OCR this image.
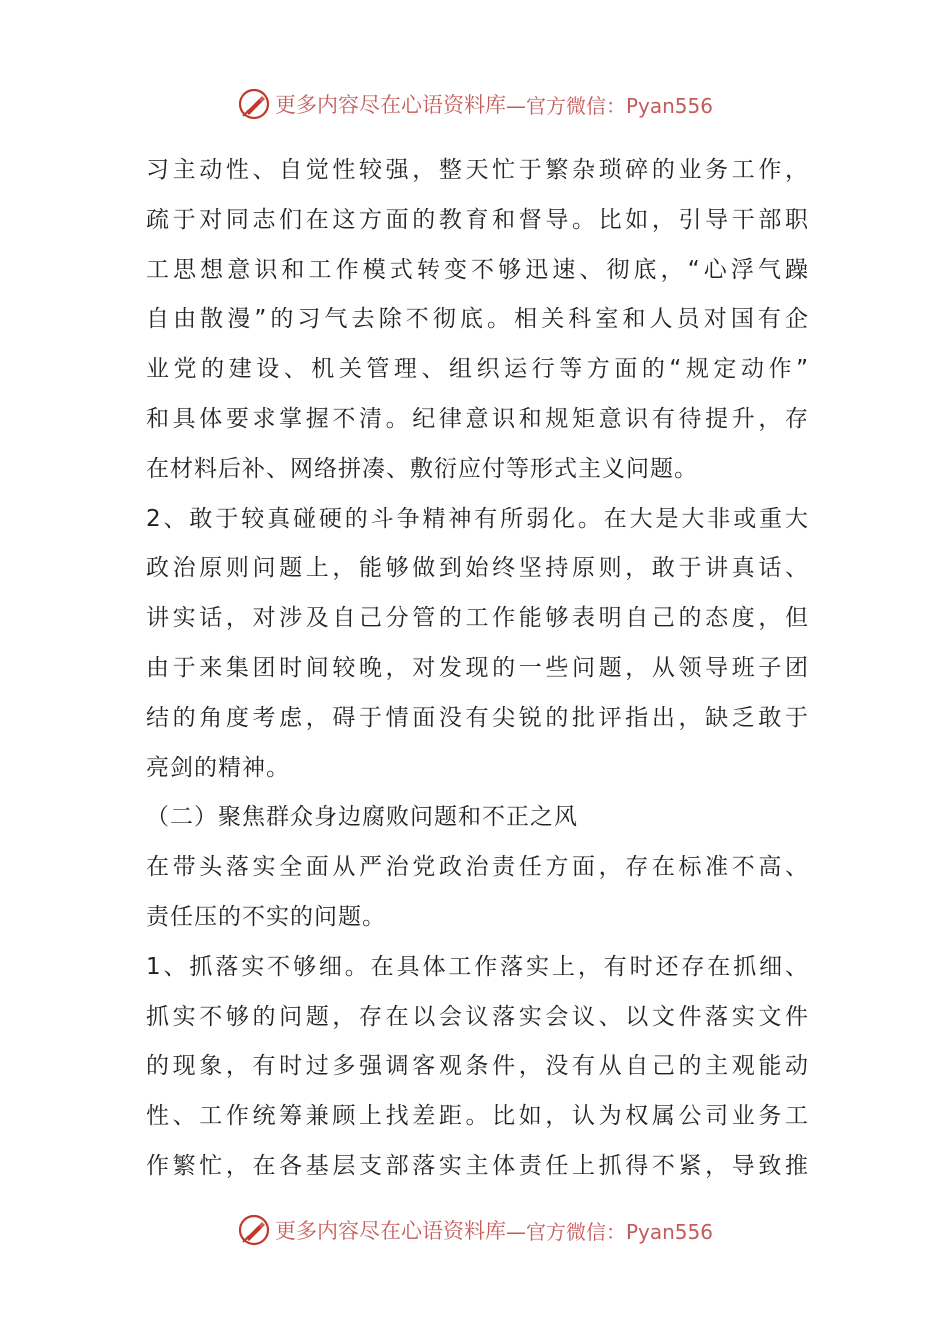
更多内容尽在心语资料库 —官方微信：Pyan556
习主动性、自觉性较强，整天忙于繁杂琐碎的业务工作，
疏于对同志们在这方面的教育和督导。比如，引导干部职
工思想意识和工作模式转变不够迅速、彻底，“心浮气躁
自由散漫”的习气去除不彻底。相关科室和人员对国有企
业党的建设、机关管理、组织运行等方面的“规定动作”
和具体要求掌握不清。纪律意识和规矩意识有待提升，存
在材料后补、网络拼凑、敷衍应付等形式主义问题。
2、敢于较真碰硬的斗争精神有所弱化。在大是大非或重大
政治原则问题上，能够做到始终坚持原则，敢于讲真话、
讲实话，对涉及自己分管的工作能够表明自己的态度，但
由于来集团时间较晚，对发现的一些问题，从领导班子团
结的角度考虑，碍于情面没有尖锐的批评指出，缺乏敢于
亮剑的精神。
（二）聚焦群众身边腐败问题和不正之风
在带头落实全面从严治党政治责任方面，存在标准不高、
责任压的不实的问题。
1、抓落实不够细。在具体工作落实上，有时还存在抓细、
抓实不够的问题，存在以会议落实会议、以文件落实文件
的现象，有时过多强调客观条件，没有从自己的主观能动
性、工作统筹兼顾上找差距。比如，认为权属公司业务工
作繁忙，在各基层支部落实主体责任上抓得不紧，导致推
更多内容尽在心语资料库 —官方微信：Pyan556
